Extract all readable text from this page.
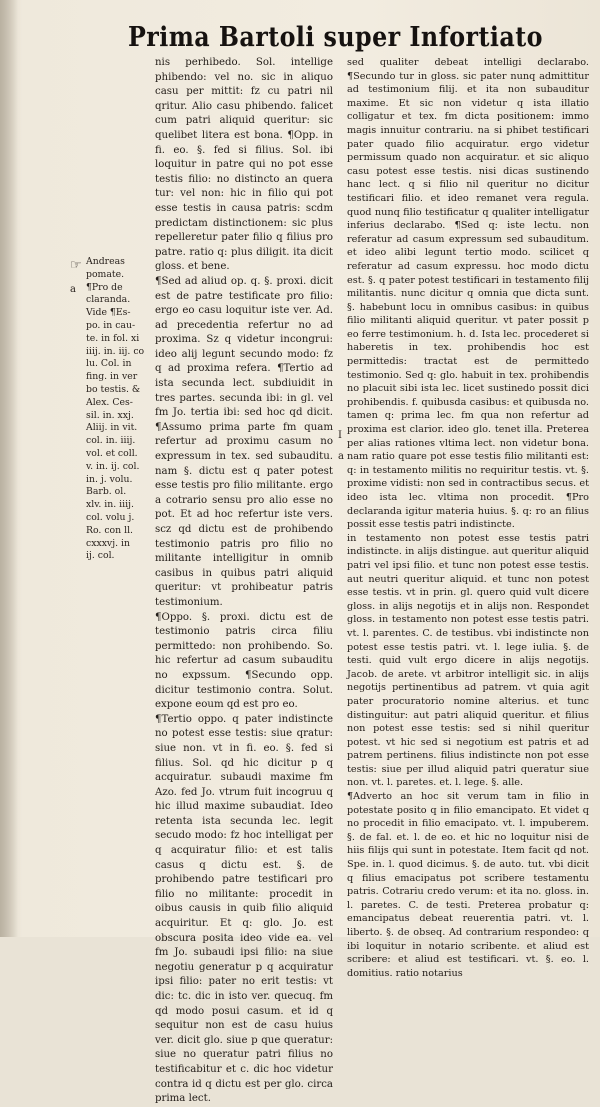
Prima Bartoli super Infortiato
☞
a
Andreas
pomate.
¶Pro de
claranda.
Vide ¶Es-
po. in cau-
te. in fol. xi
iiij. in. iij. co
lu. Col. in
fing. in ver
bo testis. &
Alex. Ces-
sil. in. xxj.
Aliij. in vit.
col. in. iiij.
vol. et coll.
v. in. ij. col.
in. j. volu.
Barb. ol.
xlv. in. iiij.
col. volu j.
Ro. con ll.
cxxxvj. in
ij. col.

nis perhibedo. Sol. intellige phibendo: vel no. sic in aliquo casu per mittit: fz cu patri nil qritur. Alio casu phibendo. falicet cum patri aliquid queritur: sic quelibet litera est bona. ¶Opp. in fi. eo. §. fed si filius. Sol. ibi loquitur in patre qui no pot esse testis filio: no distincto an quera tur: vel non: hic in filio qui pot esse testis in causa patris: scdm predictam distinctionem: sic plus repelleretur pater filio q filius pro patre. ratio q: plus diligit. ita dicit gloss. et bene.

¶Sed ad aliud op. q. §. proxi. dicit est de patre testificate pro filio: ergo eo casu loquitur iste ver. Ad. ad precedentia refertur no ad proxima. Sz q videtur incongrui: ideo alij legunt secundo modo: fz q ad proxima refera. ¶Tertio ad ista secunda lect. subdiuidit in tres partes. secunda ibi: in gl. vel fm Jo. tertia ibi: sed hoc qd dicit. ¶Assumo prima parte fm quam refertur ad proximu casum no expressum in tex. sed subauditu. nam §. dictu est q pater potest esse testis pro filio militante. ergo a cotrario sensu pro alio esse no pot. Et ad hoc refertur iste vers. scz qd dictu est de prohibendo testimonio patris pro filio no militante intelligitur in omnib casibus in quibus patri aliquid queritur: vt prohibeatur patris testimonium.

¶Oppo. §. proxi. dictu est de testimonio patris circa filiu permittedo: non prohibendo. So. hic refertur ad casum subauditu no expssum. ¶Secundo opp. dicitur testimonio contra. Solut. expone eoum qd est pro eo.

¶Tertio oppo. q pater indistincte no potest esse testis: siue qratur: siue non. vt in fi. eo. §. fed si filius. Sol. qd hic dicitur p q acquiratur. subaudi maxime fm Azo. fed Jo. vtrum fuit incogruu q hic illud maxime subaudiat. Ideo retenta ista secunda lec. legit secudo modo: fz hoc intelligat per q acquiratur filio: et est talis casus q dictu est. §. de prohibendo patre testificari pro filio no militante: procedit in oibus causis in quib filio aliquid acquiritur. Et q: glo. Jo. est obscura posita ideo vide ea. vel fm Jo. subaudi ipsi filio: na siue negotiu generatur p q acquiratur ipsi filio: pater no erit testis: vt dic: tc. dic in isto ver. quecuq. fm qd modo posui casum. et id q sequitur non est de casu huius ver. dicit glo. siue p que queratur: siue no queratur patri filius no testificabitur et c. dic hoc videtur contra id q dictu est per glo. circa prima lect.

I
a

sed qualiter debeat intelligi declarabo. ¶Secundo tur in gloss. sic pater nunq admittitur ad testimonium filij. et ita non subauditur maxime. Et sic non videtur q ista illatio colligatur et tex. fm dicta positionem: immo magis innuitur contrariu. na si phibet testificari pater quado filio acquiratur. ergo videtur permissum quado non acquiratur. et sic aliquo casu potest esse testis. nisi dicas sustinendo hanc lect. q si filio nil queritur no dicitur testificari filio. et ideo remanet vera regula. quod nunq filio testificatur q qualiter intelligatur inferius declarabo. ¶Sed q: iste lectu. non referatur ad casum expressum sed subauditum. et ideo alibi legunt tertio modo. scilicet q referatur ad casum expressu. hoc modo dictu est. §. q pater potest testificari in testamento filij militantis. nunc dicitur q omnia que dicta sunt. §. habebunt locu in omnibus casibus: in quibus filio militanti aliquid queritur. vt pater possit p eo ferre testimonium. h. d. Ista lec. procederet si haberetis in tex. prohibendis hoc est permittedis: tractat est de permittedo testimonio. Sed q: glo. habuit in tex. prohibendis no placuit sibi ista lec. licet sustinedo possit dici prohibendis. f. quibusda casibus: et quibusda no. tamen q: prima lec. fm qua non refertur ad proxima est clarior. ideo glo. tenet illa. Preterea per alias rationes vltima lect. non videtur bona. nam ratio quare pot esse testis filio militanti est: q: in testamento militis no requiritur testis. vt. §. proxime vidisti: non sed in contractibus secus. et ideo ista lec. vltima non procedit. ¶Pro declaranda igitur materia huius. §. q: ro an filius possit esse testis patri indistincte.

in testamento non potest esse testis patri indistincte. in alijs distingue. aut queritur aliquid patri vel ipsi filio. et tunc non potest esse testis. aut neutri queritur aliquid. et tunc non potest esse testis. vt in prin. gl. quero quid vult dicere gloss. in alijs negotijs et in alijs non. Respondet gloss. in testamento non potest esse testis patri. vt. l. parentes. C. de testibus. vbi indistincte non potest esse testis patri. vt. l. lege iulia. §. de testi. quid vult ergo dicere in alijs negotijs. Jacob. de arete. vt arbitror intelligit sic. in alijs negotijs pertinentibus ad patrem. vt quia agit pater procuratorio nomine alterius. et tunc distinguitur: aut patri aliquid queritur. et filius non potest esse testis: sed si nihil queritur potest. vt hic sed si negotium est patris et ad patrem pertinens. filius indistincte non pot esse testis: siue per illud aliquid patri queratur siue non. vt. l. paretes. et. l. lege. §. alle.

¶Adverto an hoc sit verum tam in filio in potestate posito q in filio emancipato. Et videt q no procedit in filio emacipato. vt. l. impuberem. §. de fal. et. l. de eo. et hic no loquitur nisi de hiis filijs qui sunt in potestate. Item facit qd not. Spe. in. l. quod dicimus. §. de auto. tut. vbi dicit q filius emacipatus pot scribere testamentu patris. Cotrariu credo verum: et ita no. gloss. in. l. paretes. C. de testi. Preterea probatur q: emancipatus debeat reuerentia patri. vt. l. liberto. §. de obseq. Ad contrarium respondeo: q ibi loquitur in notario scribente. et aliud est scribere: et aliud est testificari. vt. §. eo. l. domitius. ratio notarius
